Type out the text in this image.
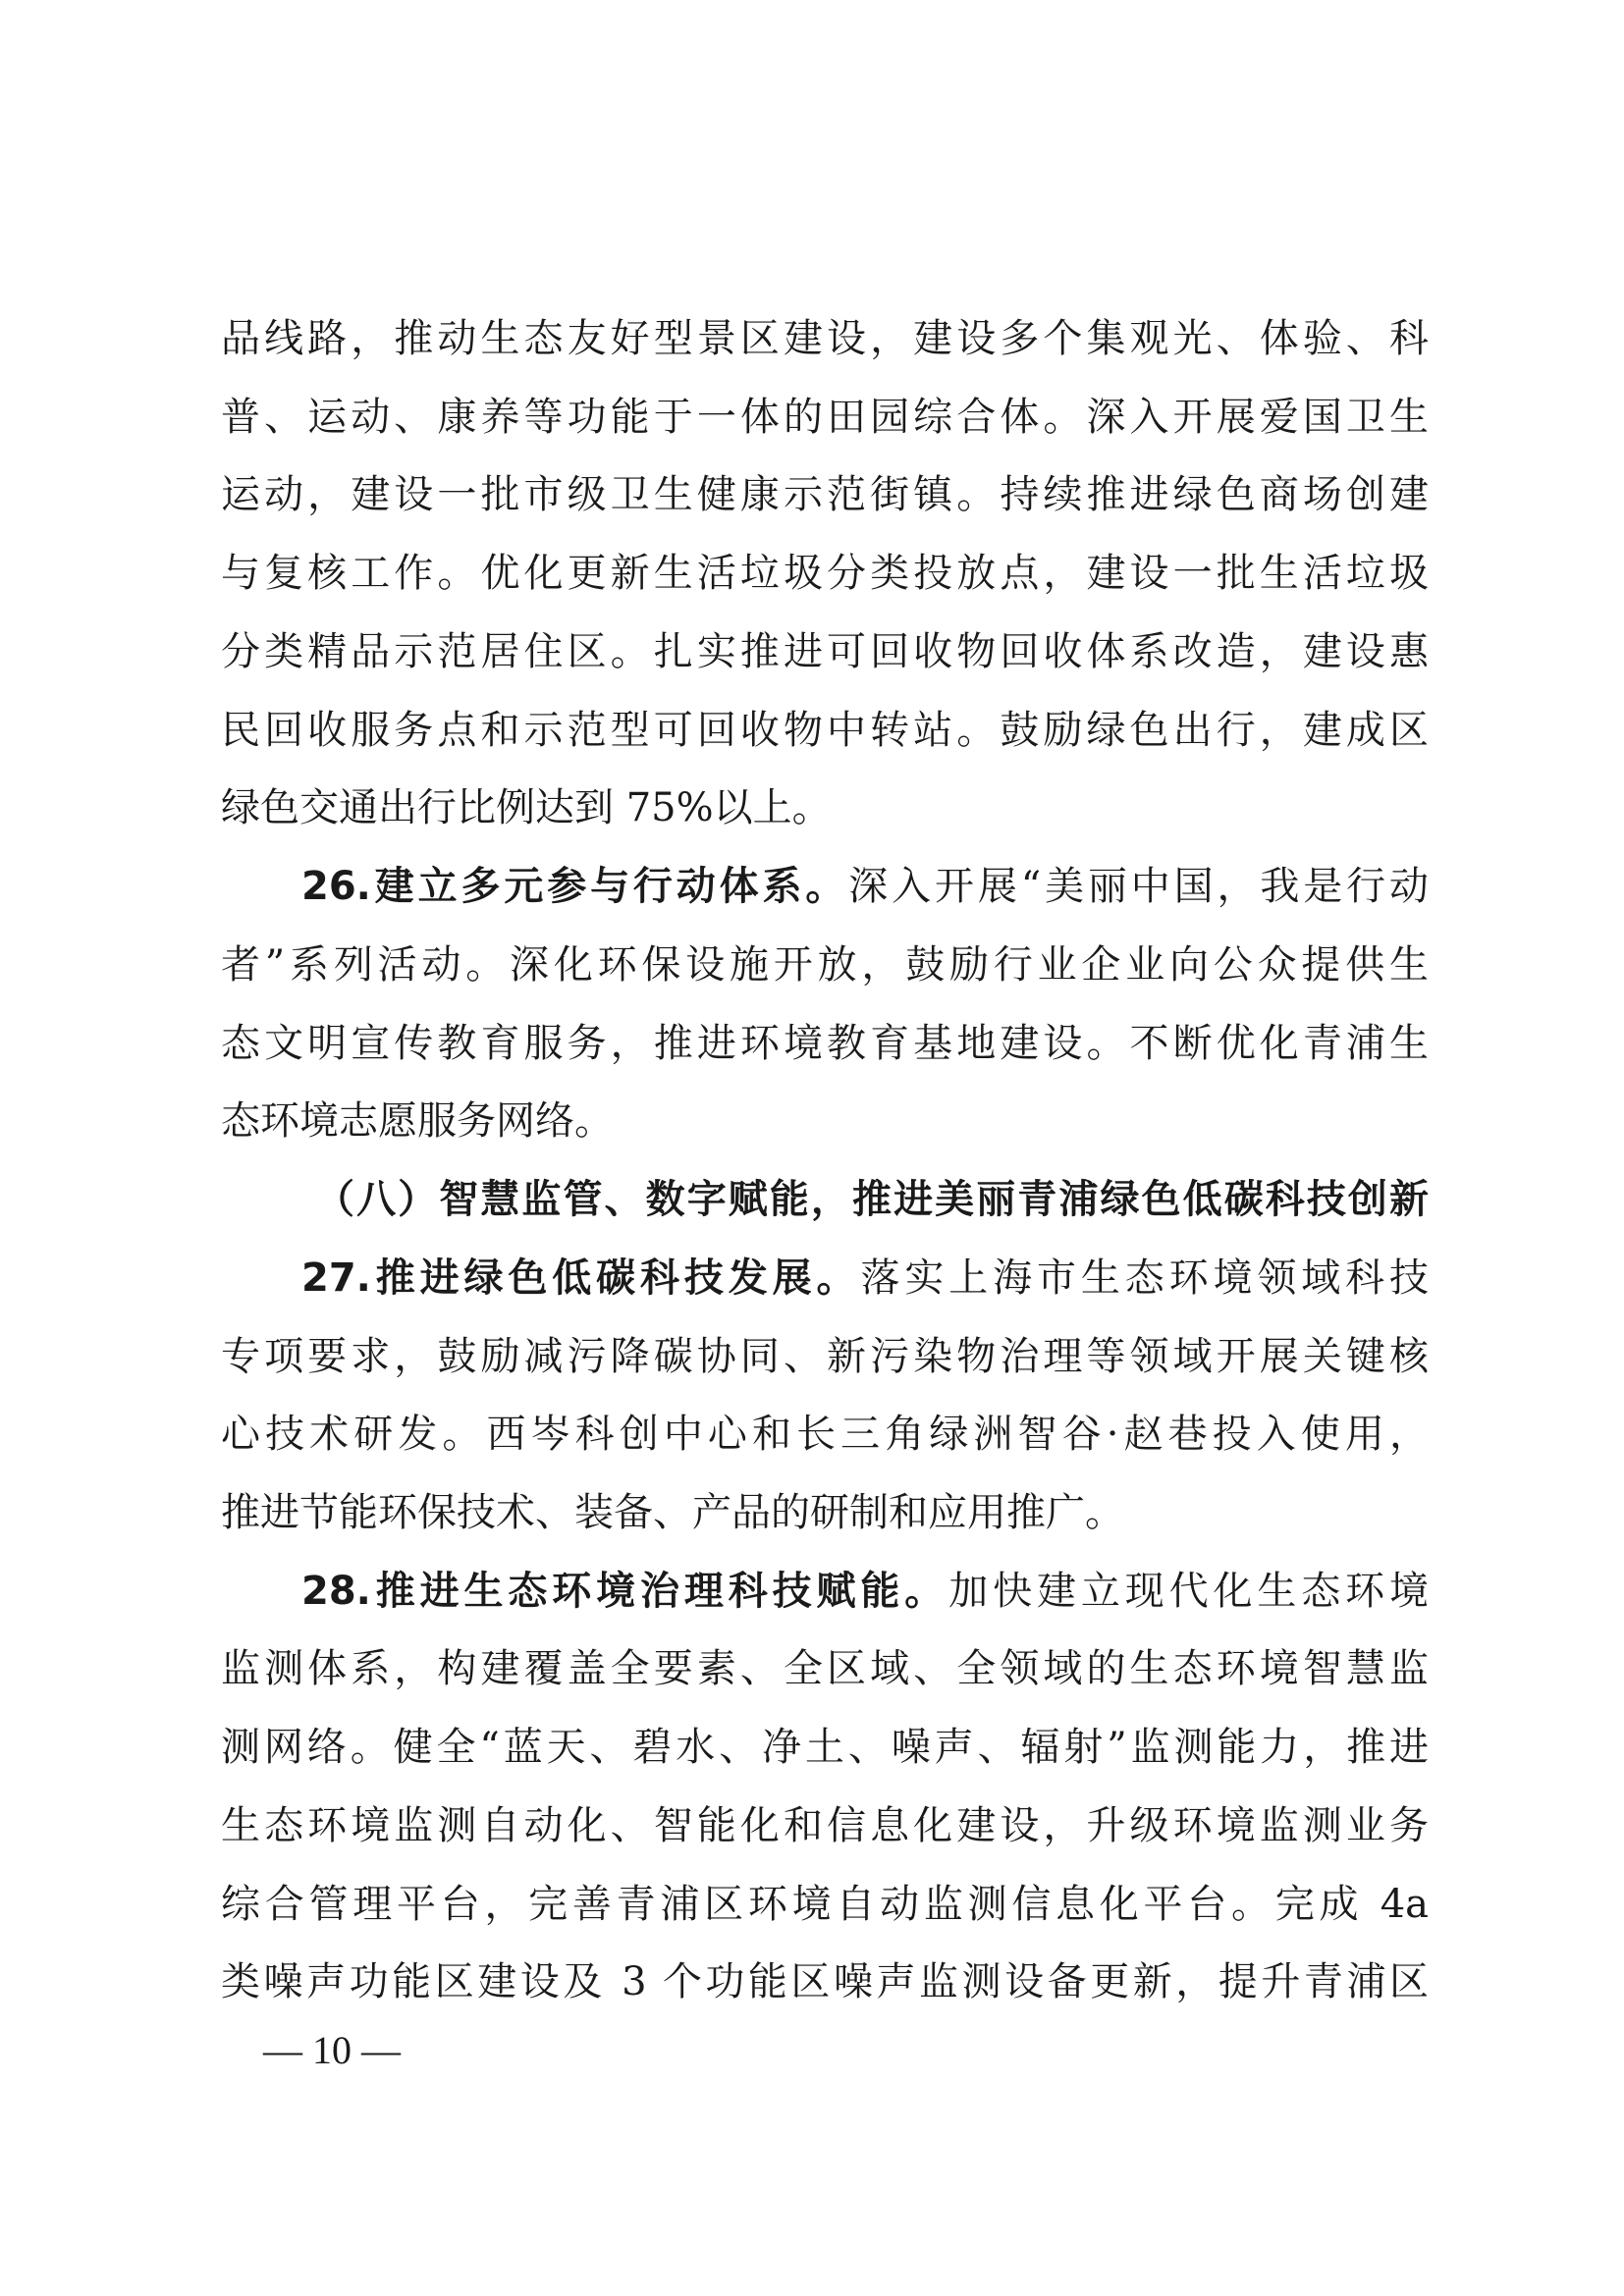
品线路，推动生态友好型景区建设，建设多个集观光、体验、科
普、运动、康养等功能于一体的田园综合体。深入开展爱国卫生
运动，建设一批市级卫生健康示范街镇。持续推进绿色商场创建
与复核工作。优化更新生活垃圾分类投放点，建设一批生活垃圾
分类精品示范居住区。扎实推进可回收物回收体系改造，建设惠
民回收服务点和示范型可回收物中转站。鼓励绿色出行，建成区
绿色交通出行比例达到 75%以上。
26.建立多元参与行动体系。深入开展“美丽中国，我是行动
者”系列活动。深化环保设施开放，鼓励行业企业向公众提供生
态文明宣传教育服务，推进环境教育基地建设。不断优化青浦生
态环境志愿服务网络。
（八）智慧监管、数字赋能，推进美丽青浦绿色低碳科技创新
27.推进绿色低碳科技发展。落实上海市生态环境领域科技
专项要求，鼓励减污降碳协同、新污染物治理等领域开展关键核
心技术研发。西岑科创中心和长三角绿洲智谷·赵巷投入使用，
推进节能环保技术、装备、产品的研制和应用推广。
28.推进生态环境治理科技赋能。加快建立现代化生态环境
监测体系，构建覆盖全要素、全区域、全领域的生态环境智慧监
测网络。健全“蓝天、碧水、净土、噪声、辐射”监测能力，推进
生态环境监测自动化、智能化和信息化建设，升级环境监测业务
综合管理平台，完善青浦区环境自动监测信息化平台。完成 4a
类噪声功能区建设及 3 个功能区噪声监测设备更新，提升青浦区
— 10 —
